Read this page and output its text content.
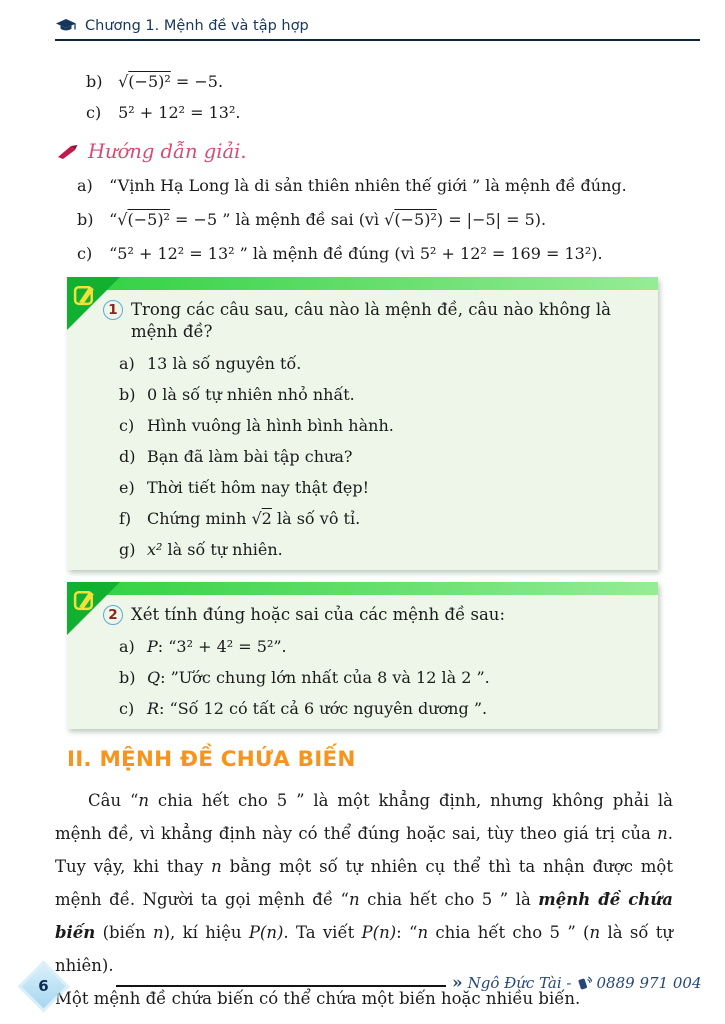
Chương 1. Mệnh đề và tập hợp
b) √(−5)² = −5.
c) 5² + 12² = 13².
Hướng dẫn giải.
a) “Vịnh Hạ Long là di sản thiên nhiên thế giới ” là mệnh đề đúng.
b) “√(−5)² = −5 ” là mệnh đề sai (vì √(−5)²) = |−5| = 5).
c) “5² + 12² = 13² ” là mệnh đề đúng (vì 5² + 12² = 169 = 13²).
1 Trong các câu sau, câu nào là mệnh đề, câu nào không là mệnh đề?
a) 13 là số nguyên tố.
b) 0 là số tự nhiên nhỏ nhất.
c) Hình vuông là hình bình hành.
d) Bạn đã làm bài tập chưa?
e) Thời tiết hôm nay thật đẹp!
f) Chứng minh √2 là số vô tỉ.
g) x² là số tự nhiên.
2 Xét tính đúng hoặc sai của các mệnh đề sau:
a) P: “3² + 4² = 5²”.
b) Q: ”Ước chung lớn nhất của 8 và 12 là 2 ”.
c) R: “Số 12 có tất cả 6 ước nguyên dương ”.
II. MỆNH ĐỀ CHỨA BIẾN

Câu “n chia hết cho 5 ” là một khẳng định, nhưng không phải là mệnh đề, vì khẳng định này có thể đúng hoặc sai, tùy theo giá trị của n. Tuy vậy, khi thay n bằng một số tự nhiên cụ thể thì ta nhận được một mệnh đề. Người ta gọi mệnh đề “n chia hết cho 5 ” là mệnh đề chứa biến (biến n), kí hiệu P(n). Ta viết P(n): “n chia hết cho 5 ” (n là số tự nhiên).

Một mệnh đề chứa biến có thể chứa một biến hoặc nhiều biến.

6	» Ngô Đức Tài - 0889 971 004
